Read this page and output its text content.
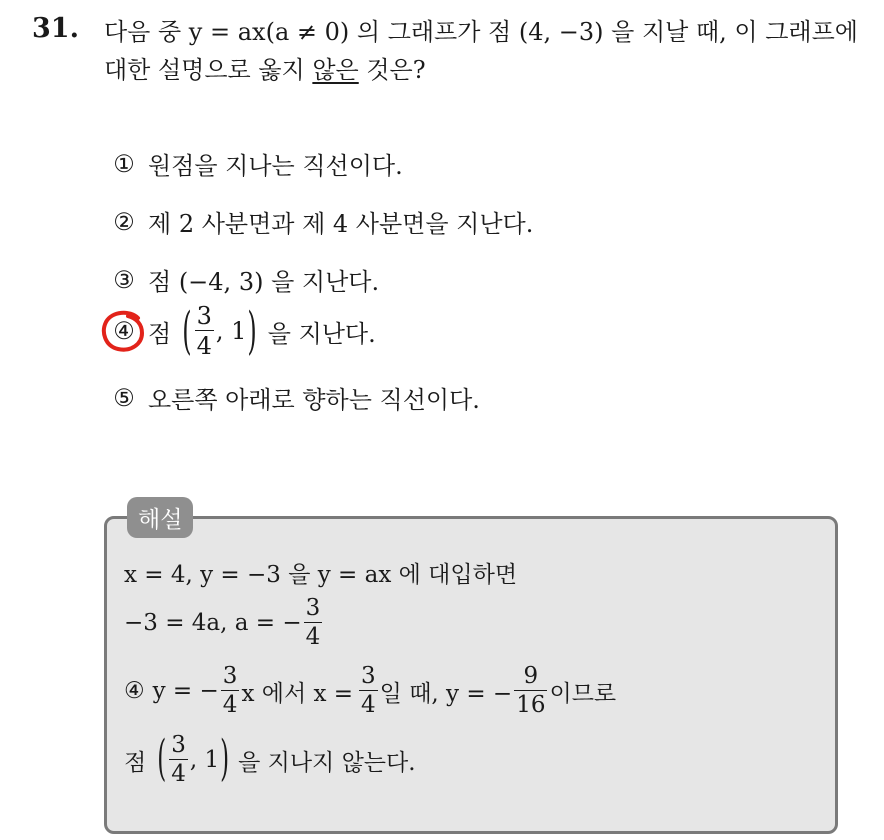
31. 다음 중 y = ax(a ≠ 0) 의 그래프가 점 (4, −3) 을 지날 때, 이 그래프에
대한 설명으로 옳지 않은 것은?
① 원점을 지나는 직선이다.
② 제 2 사분면과 제 4 사분면을 지난다.
③ 점 (−4, 3) 을 지난다.
④ 점 ( $\frac{3}{4}$ , 1 ) 을 지난다.
⑤ 오른쪽 아래로 향하는 직선이다.
해설
x = 4, y = −3 을 y = ax 에 대입하면
−3 = 4a, a = − $\frac{3}{4}$
④ y = − $\frac{3}{4}$ x 에서 $x = \frac{3}{4}$ 일 때, y = − $\frac{9}{16}$ 이므로
점 ( $\frac{3}{4}$ , 1 ) 을 지나지 않는다.
